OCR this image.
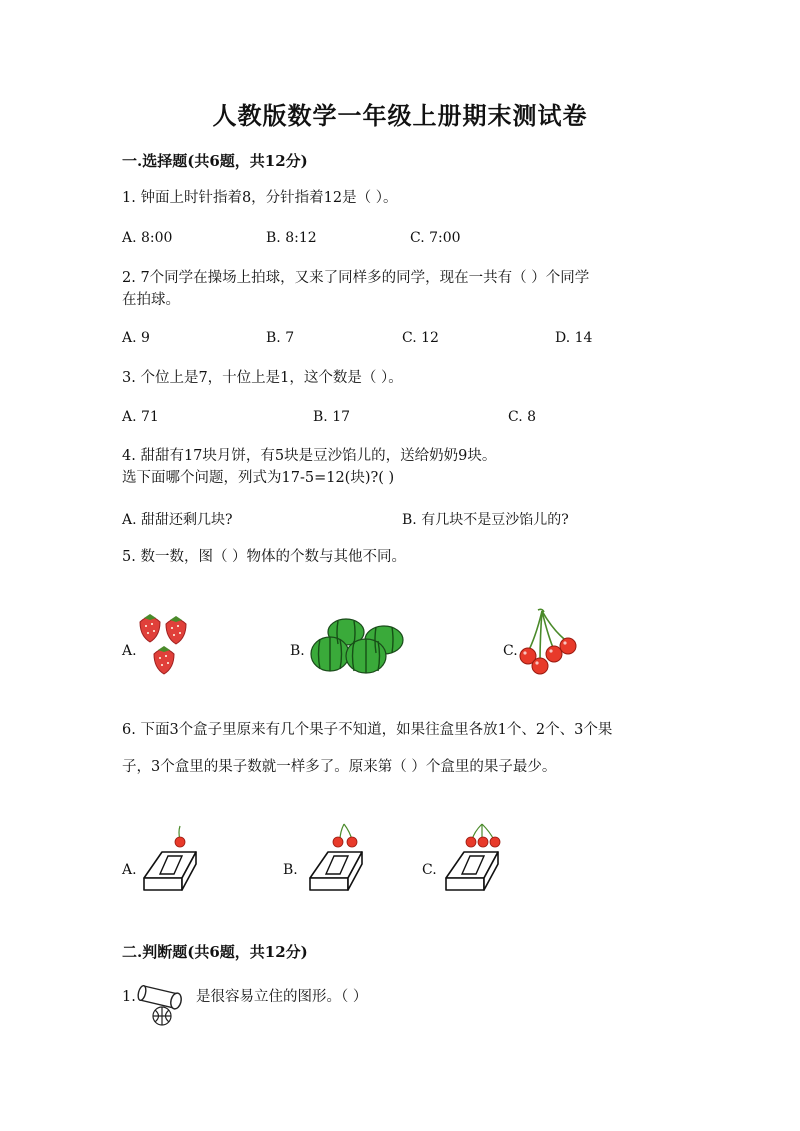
人教版数学一年级上册期末测试卷
一.选择题(共6题，共12分)
1. 钟面上时针指着8，分针指着12是（ ）。
A. 8:00	B. 8:12	C. 7:00
2. 7个同学在操场上拍球，又来了同样多的同学，现在一共有（ ）个同学
在拍球。
A. 9	B. 7	C. 12	D. 14
3. 个位上是7，十位上是1，这个数是（ ）。
A. 71	B. 17	C. 8
4. 甜甜有17块月饼，有5块是豆沙馅儿的，送给奶奶9块。
选下面哪个问题，列式为17-5=12(块)?( )
A. 甜甜还剩几块?	B. 有几块不是豆沙馅儿的?
5. 数一数，图（ ）物体的个数与其他不同。
A.	B.	C.
6. 下面3个盒子里原来有几个果子不知道，如果往盒里各放1个、2个、3个果
子，3个盒里的果子数就一样多了。原来第（ ）个盒里的果子最少。
A.	B.	C.
二.判断题(共6题，共12分)
1.	是很容易立住的图形。（ ）
